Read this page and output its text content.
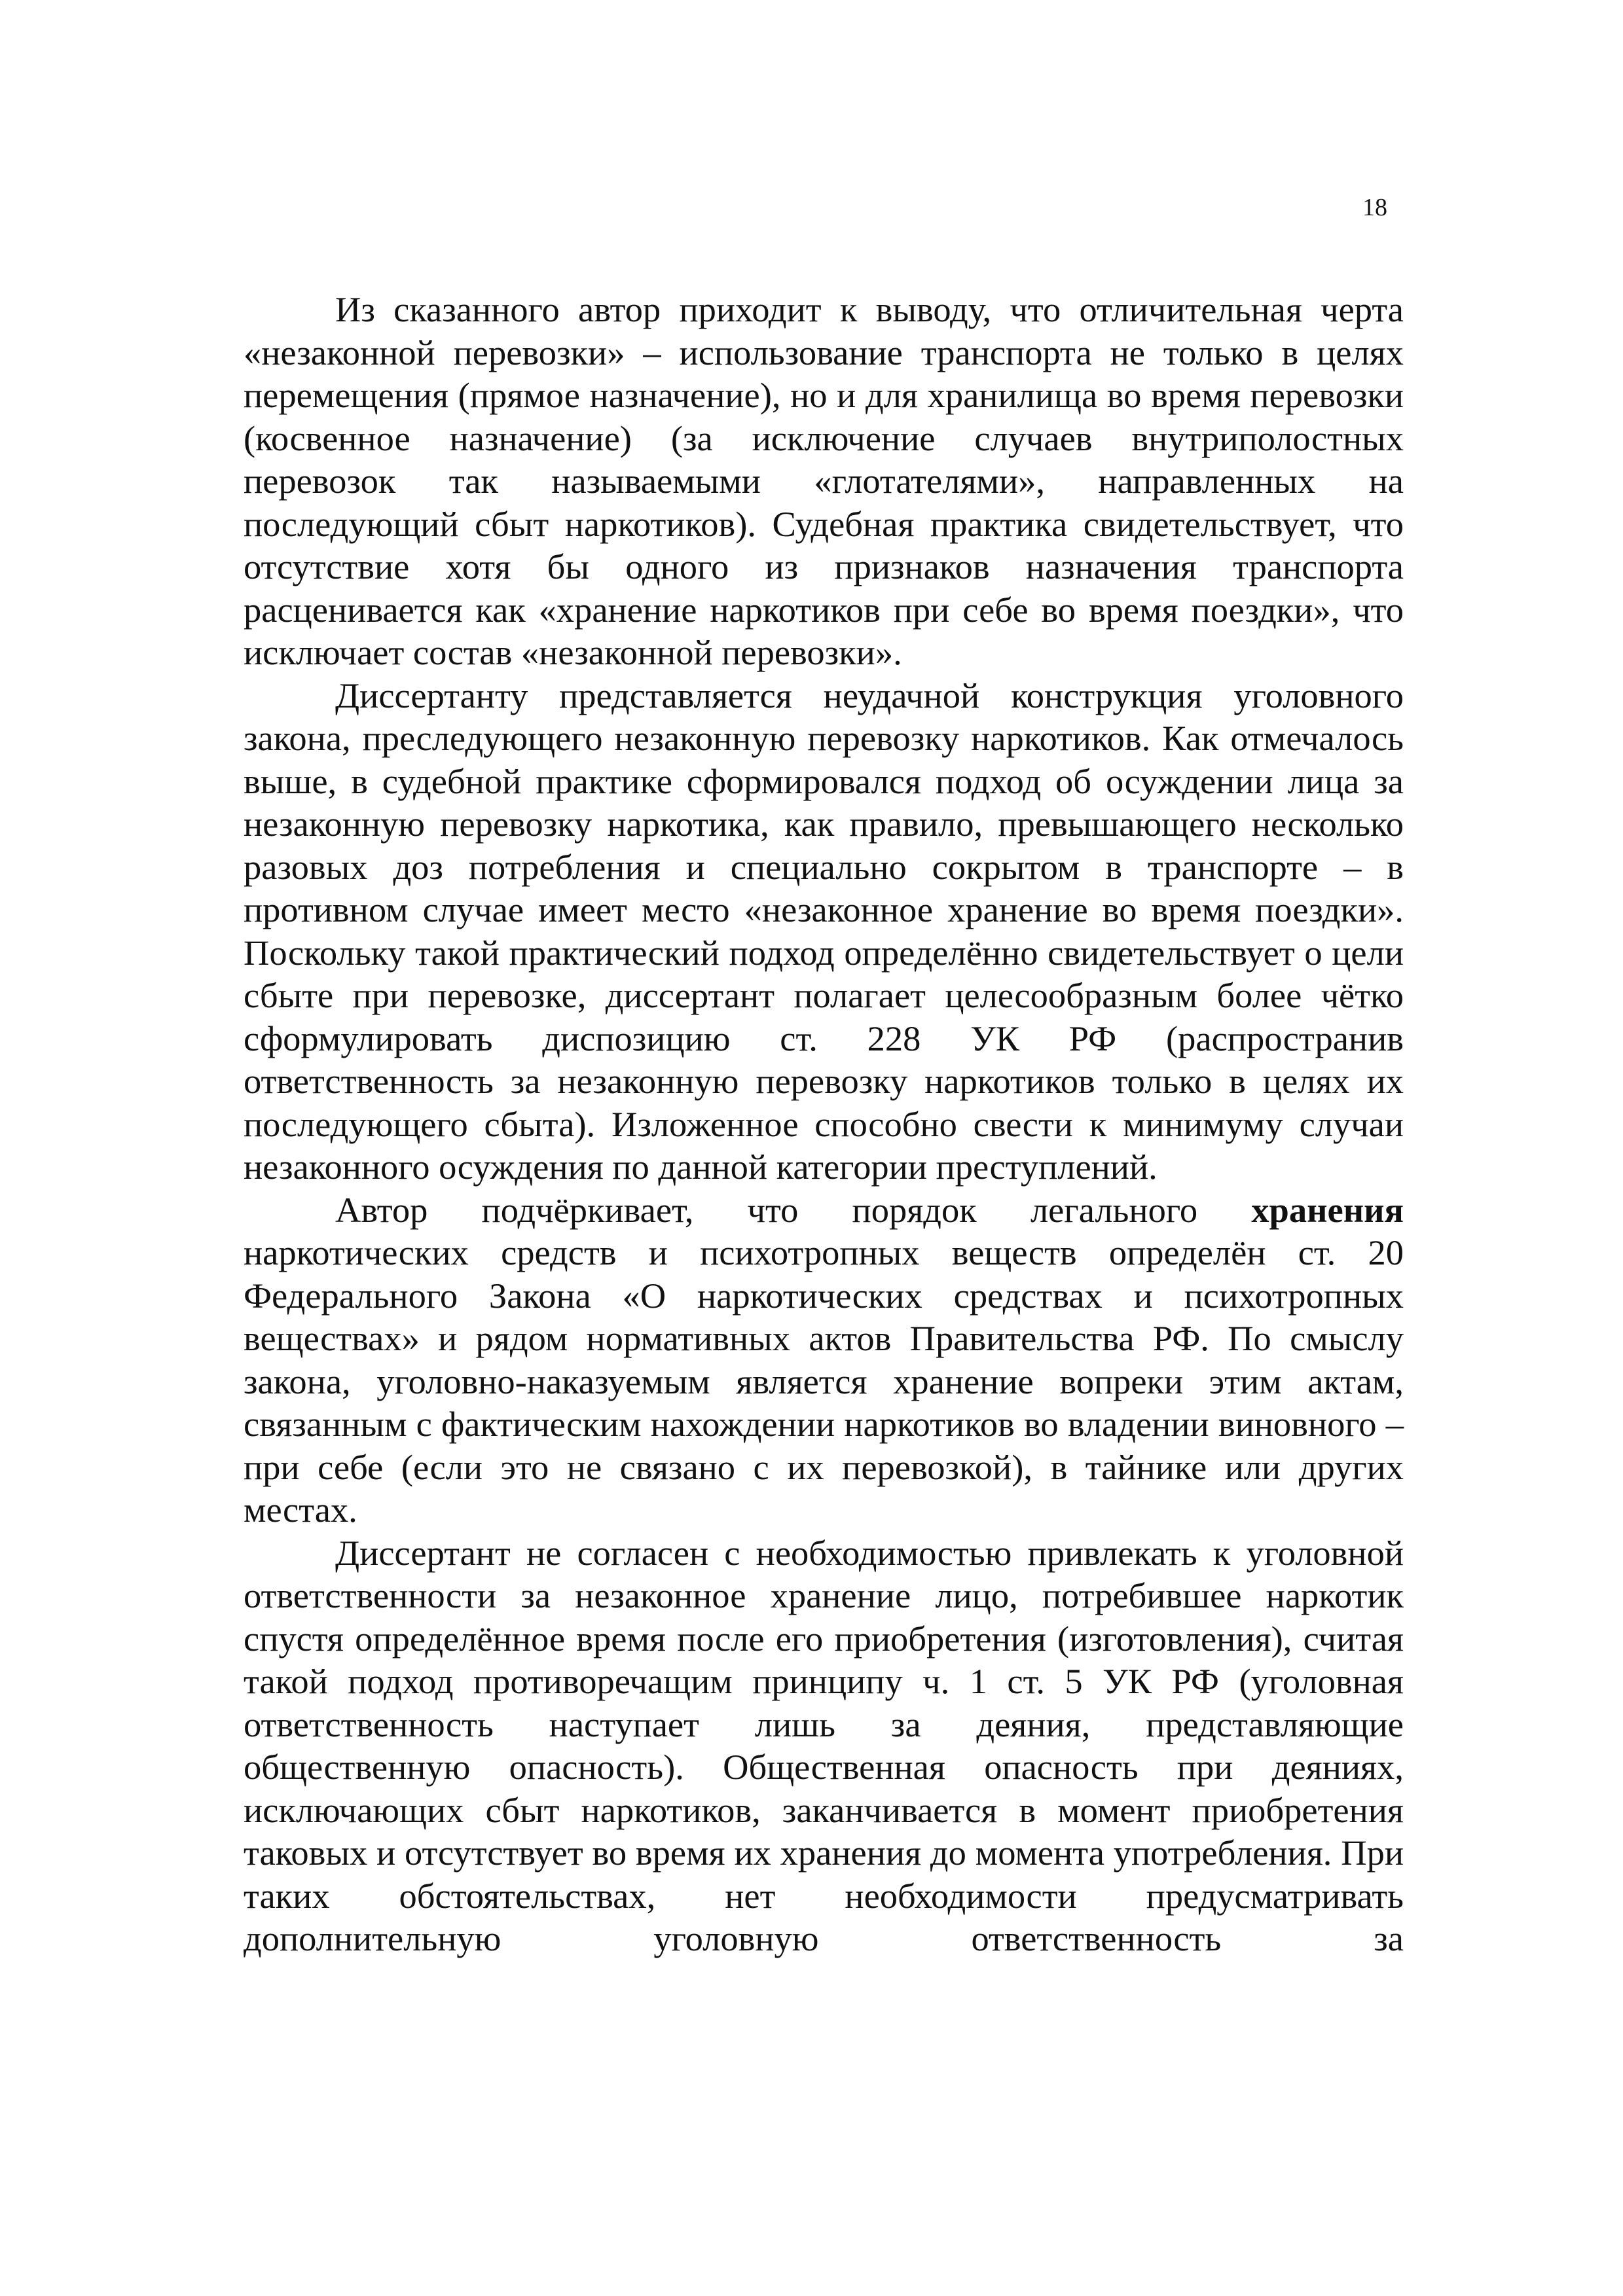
18

Из сказанного автор приходит к выводу, что отличительная черта «незаконной перевозки» – использование транспорта не только в целях перемещения (прямое назначение), но и для хранилища во время перевозки (косвенное назначение) (за исключение случаев внутриполостных перевозок так называемыми «глотателями», направленных на последующий сбыт наркотиков). Судебная практика свидетельствует, что отсутствие хотя бы одного из признаков назначения транспорта расценивается как «хранение наркотиков при себе во время поездки», что исключает состав «незаконной перевозки».

Диссертанту представляется неудачной конструкция уголовного закона, преследующего незаконную перевозку наркотиков. Как отмечалось выше, в судебной практике сформировался подход об осуждении лица за незаконную перевозку наркотика, как правило, превышающего несколько разовых доз потребления и специально сокрытом в транспорте – в противном случае имеет место «незаконное хранение во время поездки». Поскольку такой практический подход определённо свидетельствует о цели сбыте при перевозке, диссертант полагает целесообразным более чётко сформулировать диспозицию ст. 228 УК РФ (распространив ответственность за незаконную перевозку наркотиков только в целях их последующего сбыта). Изложенное способно свести к минимуму случаи незаконного осуждения по данной категории преступлений.

Автор подчёркивает, что порядок легального хранения наркотических средств и психотропных веществ определён ст. 20 Федерального Закона «О наркотических средствах и психотропных веществах» и рядом нормативных актов Правительства РФ. По смыслу закона, уголовно-наказуемым является хранение вопреки этим актам, связанным с фактическим нахождении наркотиков во владении виновного – при себе (если это не связано с их перевозкой), в тайнике или других местах.

Диссертант не согласен с необходимостью привлекать к уголовной ответственности за незаконное хранение лицо, потребившее наркотик спустя определённое время после его приобретения (изготовления), считая такой подход противоречащим принципу ч. 1 ст. 5 УК РФ (уголовная ответственность наступает лишь за деяния, представляющие общественную опасность). Общественная опасность при деяниях, исключающих сбыт наркотиков, заканчивается в момент приобретения таковых и отсутствует во время их хранения до момента употребления. При таких обстоятельствах, нет необходимости предусматривать дополнительную уголовную ответственность за
